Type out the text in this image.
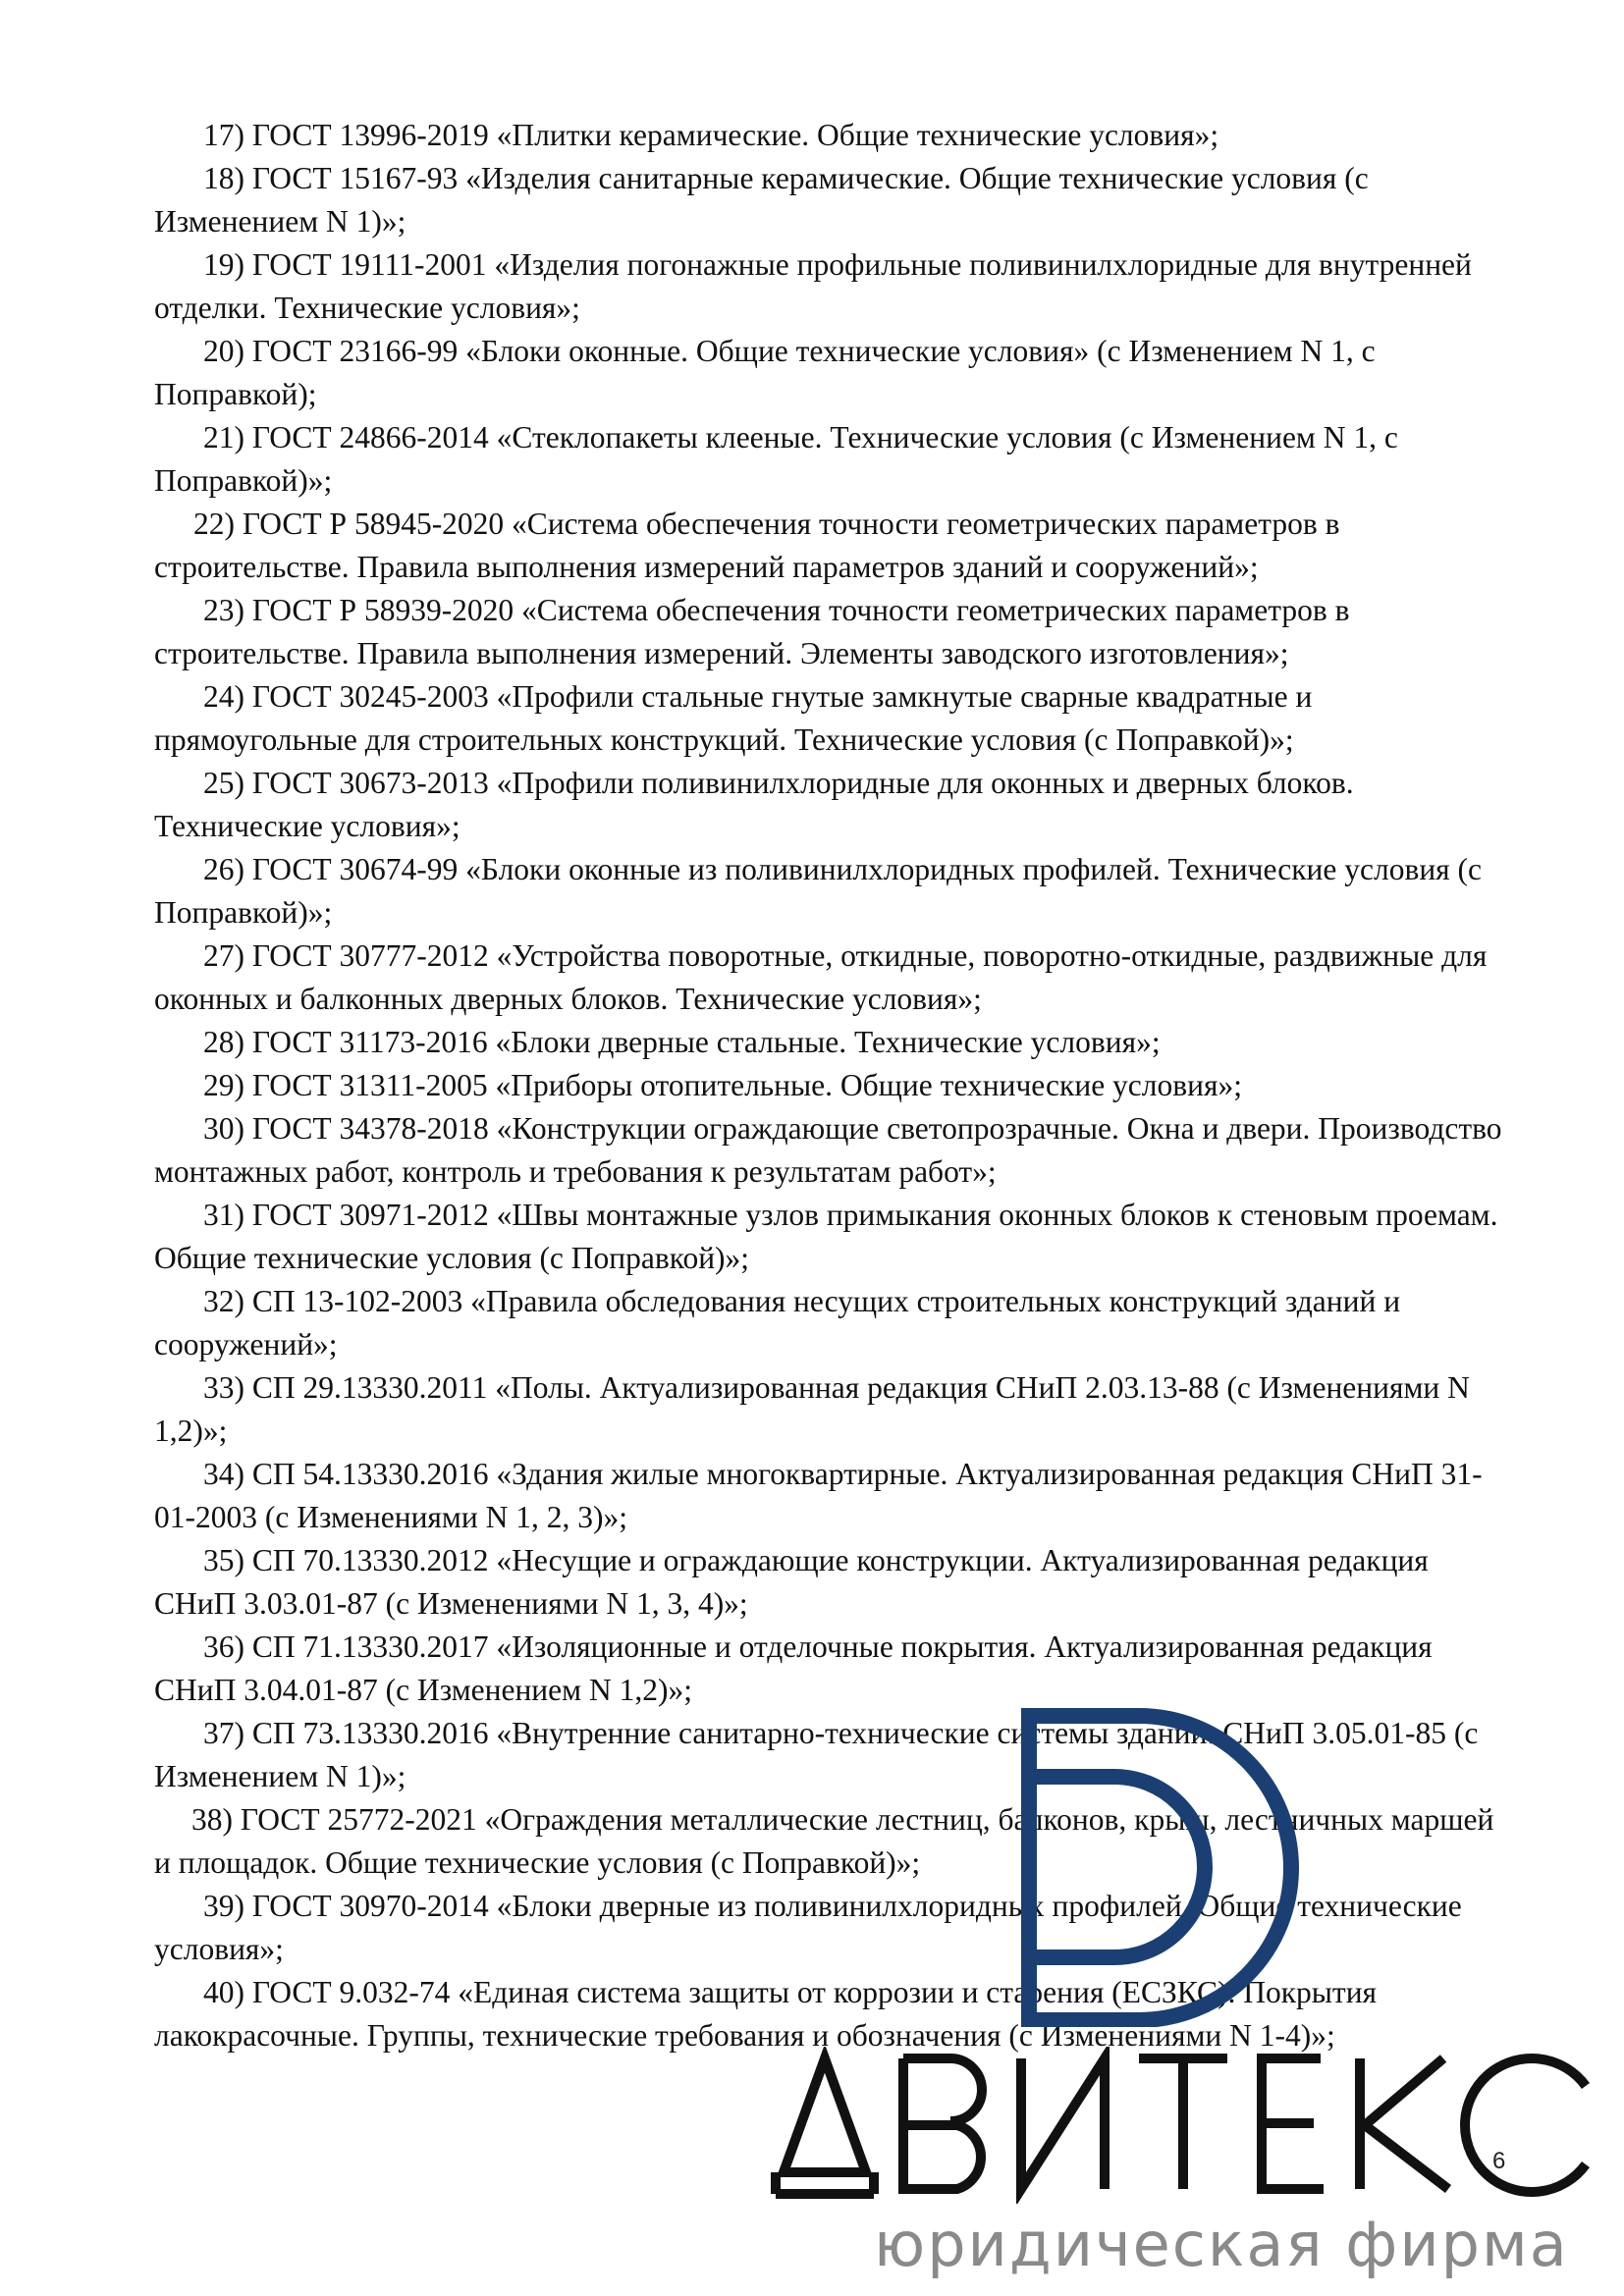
17) ГОСТ 13996-2019 «Плитки керамические. Общие технические условия»;

18) ГОСТ 15167-93 «Изделия санитарные керамические. Общие технические условия (с Изменением N 1)»;

19) ГОСТ 19111-2001 «Изделия погонажные профильные поливинилхлоридные для внутренней отделки. Технические условия»;

20) ГОСТ 23166-99 «Блоки оконные. Общие технические условия» (с Изменением N 1, с Поправкой);

21) ГОСТ 24866-2014 «Стеклопакеты клееные. Технические условия (с Изменением N 1, с Поправкой)»;

22) ГОСТ Р 58945-2020 «Система обеспечения точности геометрических параметров в строительстве. Правила выполнения измерений параметров зданий и сооружений»;

23) ГОСТ Р 58939-2020 «Система обеспечения точности геометрических параметров в строительстве. Правила выполнения измерений. Элементы заводского изготовления»;

24) ГОСТ 30245-2003 «Профили стальные гнутые замкнутые сварные квадратные и прямоугольные для строительных конструкций. Технические условия (с Поправкой)»;

25) ГОСТ 30673-2013 «Профили поливинилхлоридные для оконных и дверных блоков. Технические условия»;

26) ГОСТ 30674-99 «Блоки оконные из поливинилхлоридных профилей. Технические условия (с Поправкой)»;

27) ГОСТ 30777-2012 «Устройства поворотные, откидные, поворотно-откидные, раздвижные для оконных и балконных дверных блоков. Технические условия»;

28) ГОСТ 31173-2016 «Блоки дверные стальные. Технические условия»;

29) ГОСТ 31311-2005 «Приборы отопительные. Общие технические условия»;

30) ГОСТ 34378-2018 «Конструкции ограждающие светопрозрачные. Окна и двери. Производство монтажных работ, контроль и требования к результатам работ»;

31) ГОСТ 30971-2012 «Швы монтажные узлов примыкания оконных блоков к стеновым проемам. Общие технические условия (с Поправкой)»;

32) СП 13-102-2003 «Правила обследования несущих строительных конструкций зданий и сооружений»;

33) СП 29.13330.2011 «Полы. Актуализированная редакция СНиП 2.03.13-88 (с Изменениями N 1,2)»;

34) СП 54.13330.2016 «Здания жилые многоквартирные. Актуализированная редакция СНиП 31-01-2003 (с Изменениями N 1, 2, 3)»;

35) СП 70.13330.2012 «Несущие и ограждающие конструкции. Актуализированная редакция СНиП 3.03.01-87 (с Изменениями N 1, 3, 4)»;

36) СП 71.13330.2017 «Изоляционные и отделочные покрытия. Актуализированная редакция СНиП 3.04.01-87 (с Изменением N 1,2)»;

37) СП 73.13330.2016 «Внутренние санитарно-технические системы зданий. СНиП 3.05.01-85 (с Изменением N 1)»;

38) ГОСТ 25772-2021 «Ограждения металлические лестниц, балконов, крыш, лестничных маршей и площадок. Общие технические условия (с Поправкой)»;

39) ГОСТ 30970-2014 «Блоки дверные из поливинилхлоридных профилей. Общие технические условия»;

40) ГОСТ 9.032-74 «Единая система защиты от коррозии и старения (ЕСЗКС). Покрытия лакокрасочные. Группы, технические требования и обозначения (с Изменениями N 1-4)»;

юридическая фирма
6
